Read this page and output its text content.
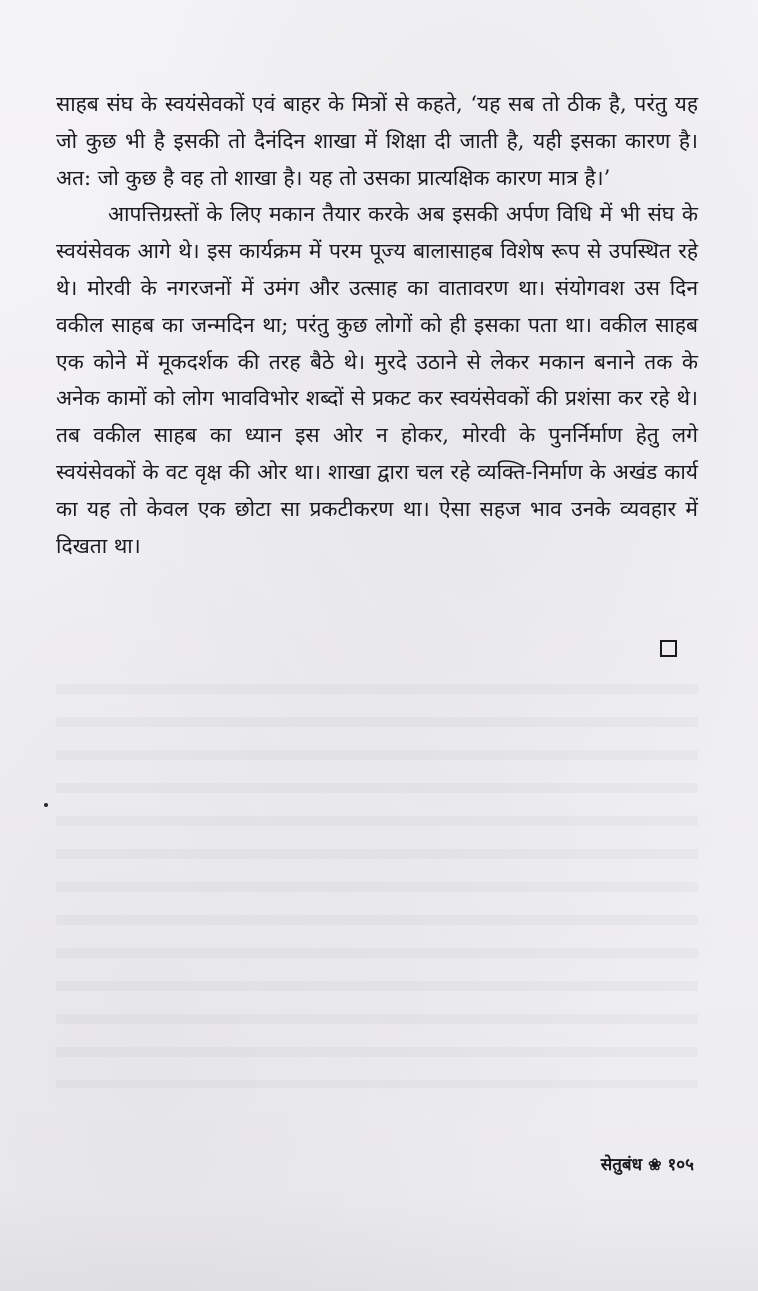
साहब संघ के स्वयंसेवकों एवं बाहर के मित्रों से कहते, ‘यह सब तो ठीक है, परंतु यह जो कुछ भी है इसकी तो दैनंदिन शाखा में शिक्षा दी जाती है, यही इसका कारण है। अत: जो कुछ है वह तो शाखा है। यह तो उसका प्रात्यक्षिक कारण मात्र है।’

आपत्तिग्रस्तों के लिए मकान तैयार करके अब इसकी अर्पण विधि में भी संघ के स्वयंसेवक आगे थे। इस कार्यक्रम में परम पूज्य बालासाहब विशेष रूप से उपस्थित रहे थे। मोरवी के नगरजनों में उमंग और उत्साह का वातावरण था। संयोगवश उस दिन वकील साहब का जन्मदिन था; परंतु कुछ लोगों को ही इसका पता था। वकील साहब एक कोने में मूकदर्शक की तरह बैठे थे। मुरदे उठाने से लेकर मकान बनाने तक के अनेक कामों को लोग भावविभोर शब्दों से प्रकट कर स्वयंसेवकों की प्रशंसा कर रहे थे। तब वकील साहब का ध्यान इस ओर न होकर, मोरवी के पुनर्निर्माण हेतु लगे स्वयंसेवकों के वट वृक्ष की ओर था। शाखा द्वारा चल रहे व्यक्ति-निर्माण के अखंड कार्य का यह तो केवल एक छोटा सा प्रकटीकरण था। ऐसा सहज भाव उनके व्यवहार में दिखता था।

सेतुबंध ❀ १०५
